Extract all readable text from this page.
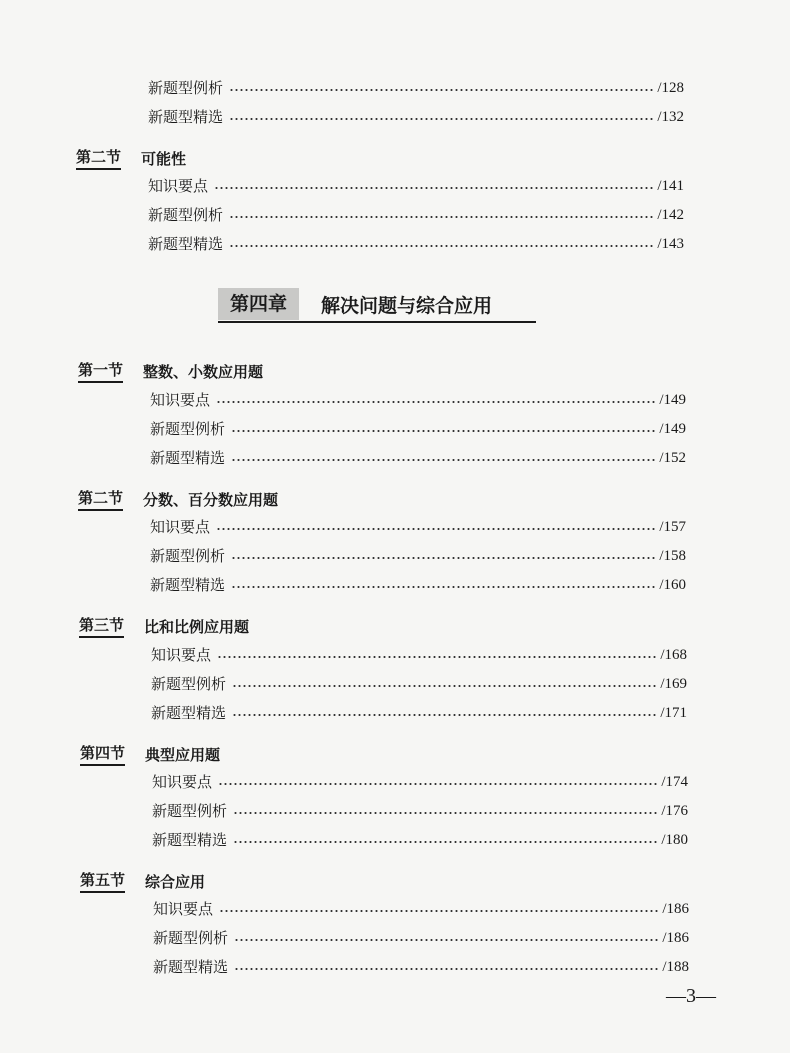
新题型例析	/128
新题型精选	/132
第二节 可能性
知识要点	/141
新题型例析	/142
新题型精选	/143
第四章	解决问题与综合应用
第一节 整数、小数应用题
知识要点	/149
新题型例析	/149
新题型精选	/152
第二节 分数、百分数应用题
知识要点	/157
新题型例析	/158
新题型精选	/160
第三节 比和比例应用题
知识要点	/168
新题型例析	/169
新题型精选	/171
第四节 典型应用题
知识要点	/174
新题型例析	/176
新题型精选	/180
第五节 综合应用
知识要点	/186
新题型例析	/186
新题型精选	/188
—3—
